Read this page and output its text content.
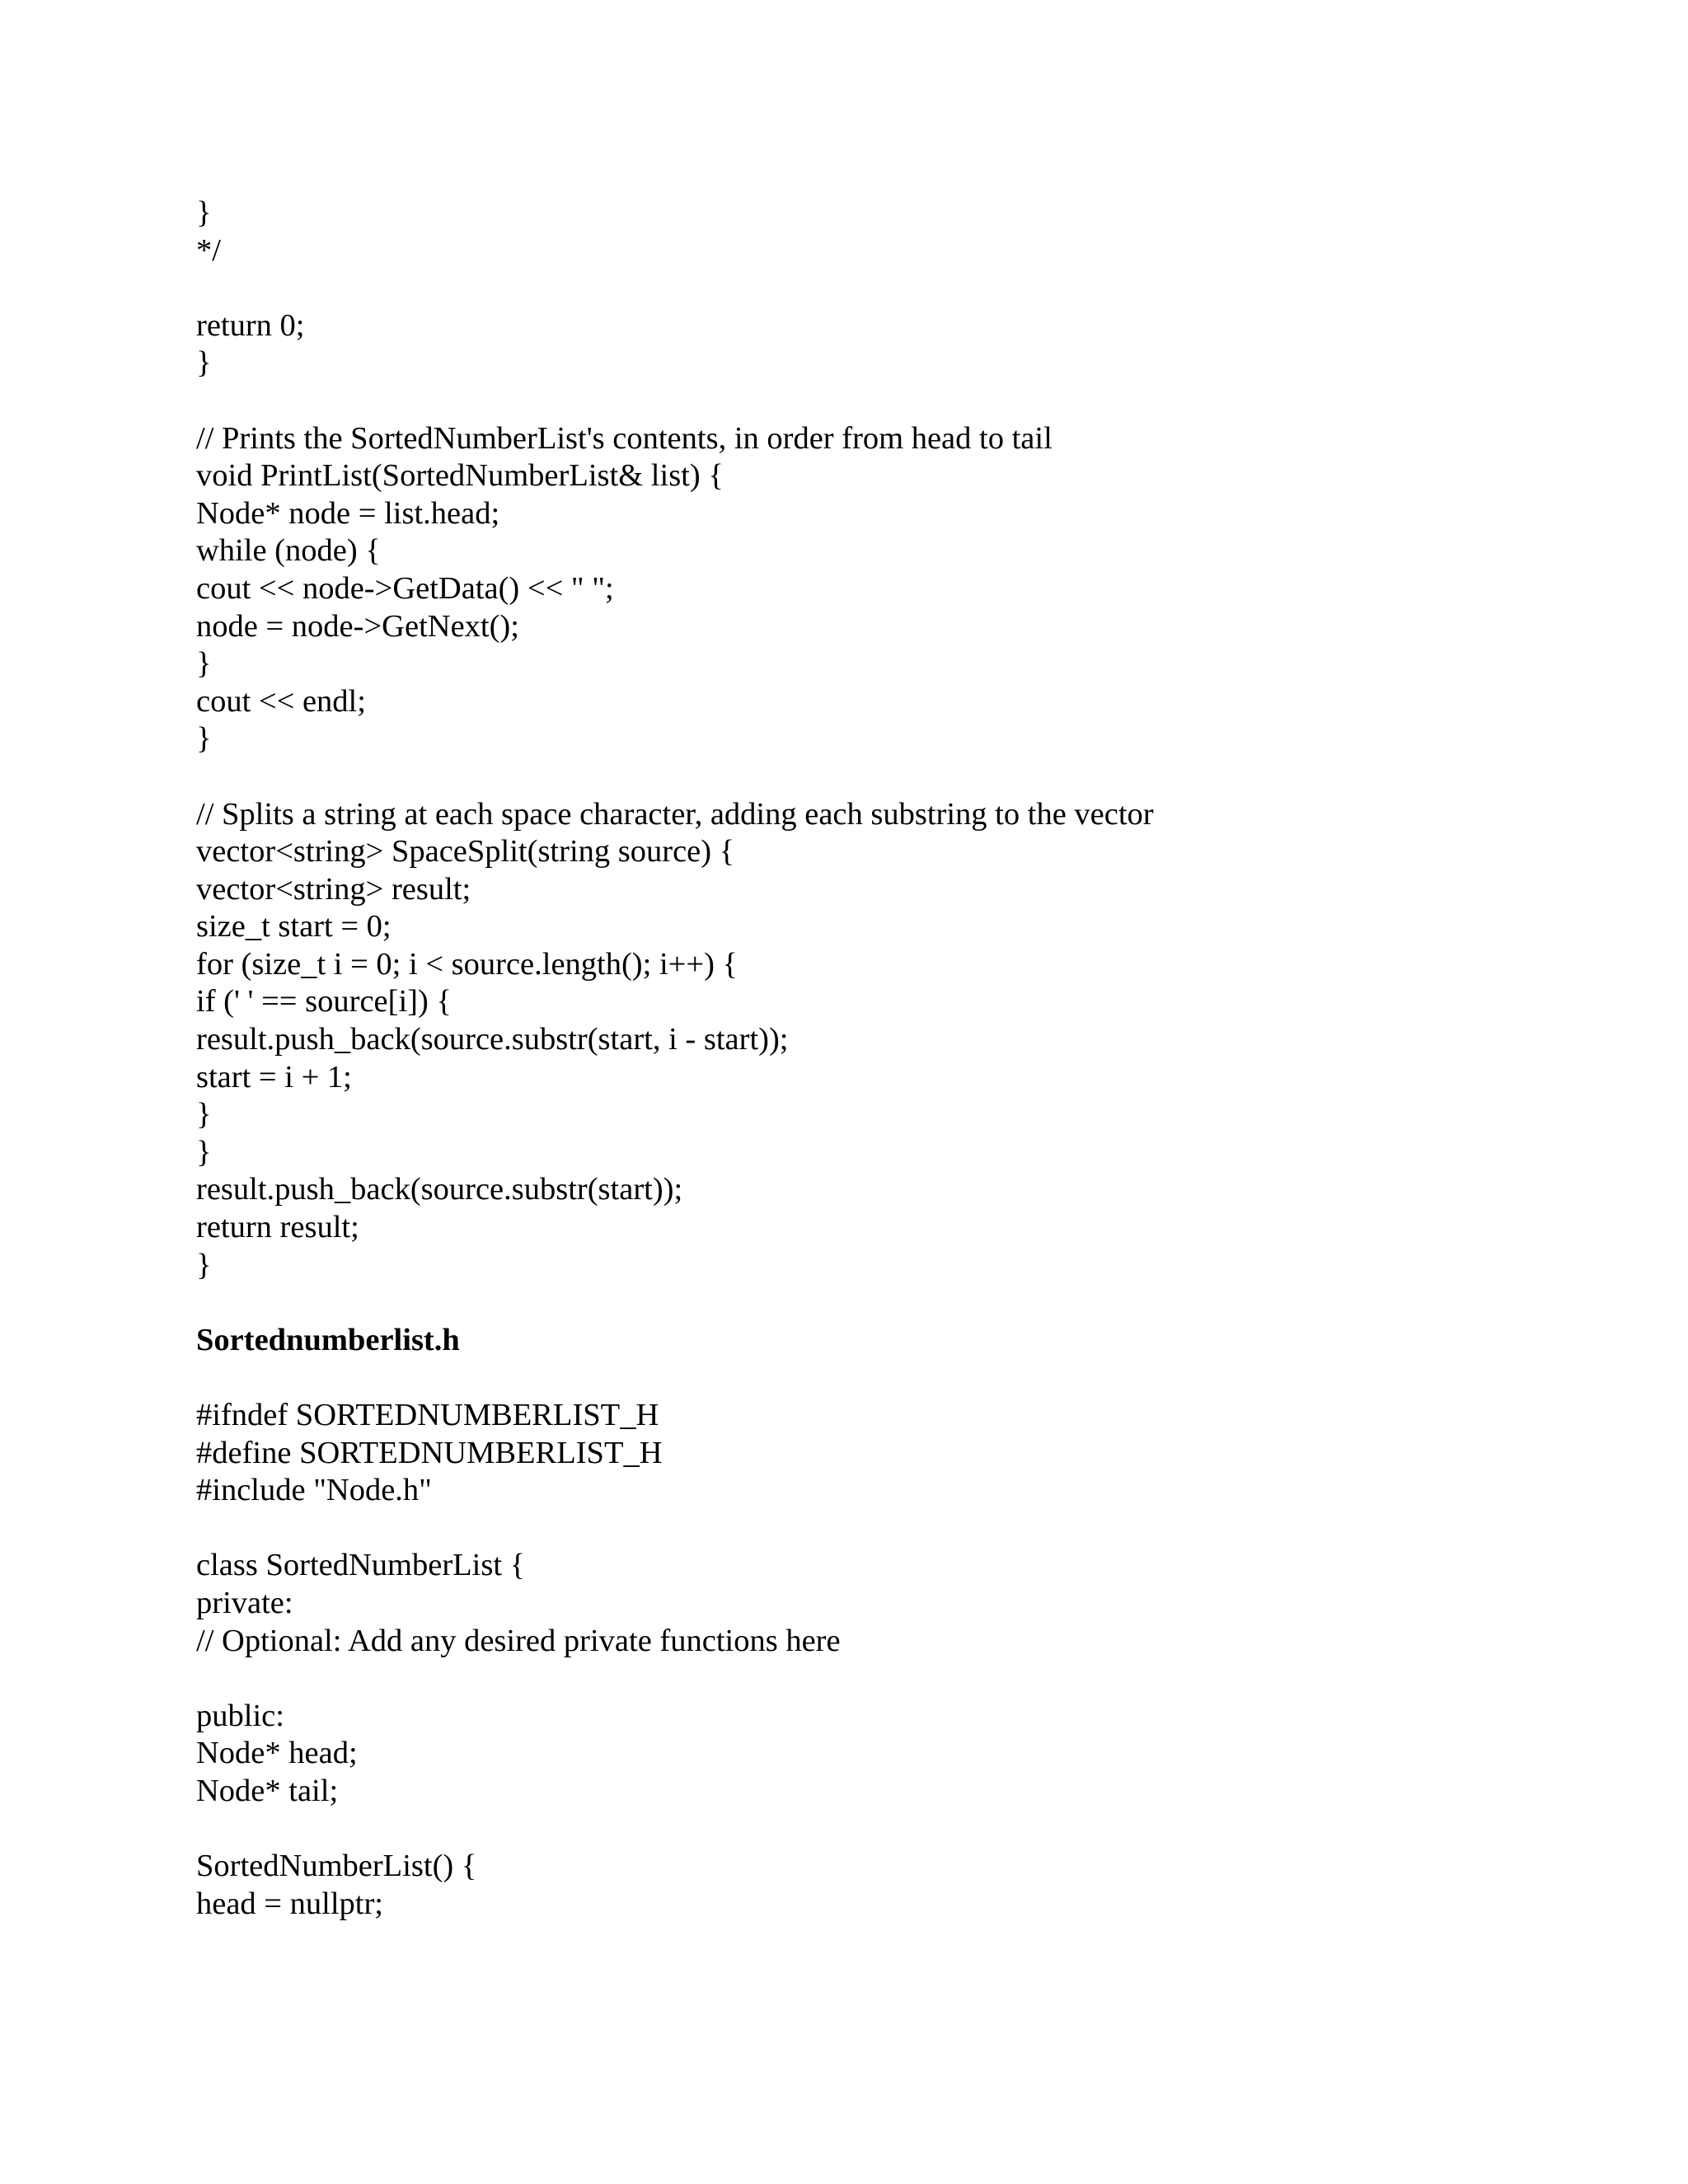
}
*/
return 0;
}
// Prints the SortedNumberList's contents, in order from head to tail
void PrintList(SortedNumberList& list) {
Node* node = list.head;
while (node) {
cout << node->GetData() << " ";
node = node->GetNext();
}
cout << endl;
}
// Splits a string at each space character, adding each substring to the vector
vector<string> SpaceSplit(string source) {
vector<string> result;
size_t start = 0;
for (size_t i = 0; i < source.length(); i++) {
if (' ' == source[i]) {
result.push_back(source.substr(start, i - start));
start = i + 1;
}
}
result.push_back(source.substr(start));
return result;
}
Sortednumberlist.h
#ifndef SORTEDNUMBERLIST_H
#define SORTEDNUMBERLIST_H
#include "Node.h"
class SortedNumberList {
private:
// Optional: Add any desired private functions here
public:
Node* head;
Node* tail;
SortedNumberList() {
head = nullptr;
